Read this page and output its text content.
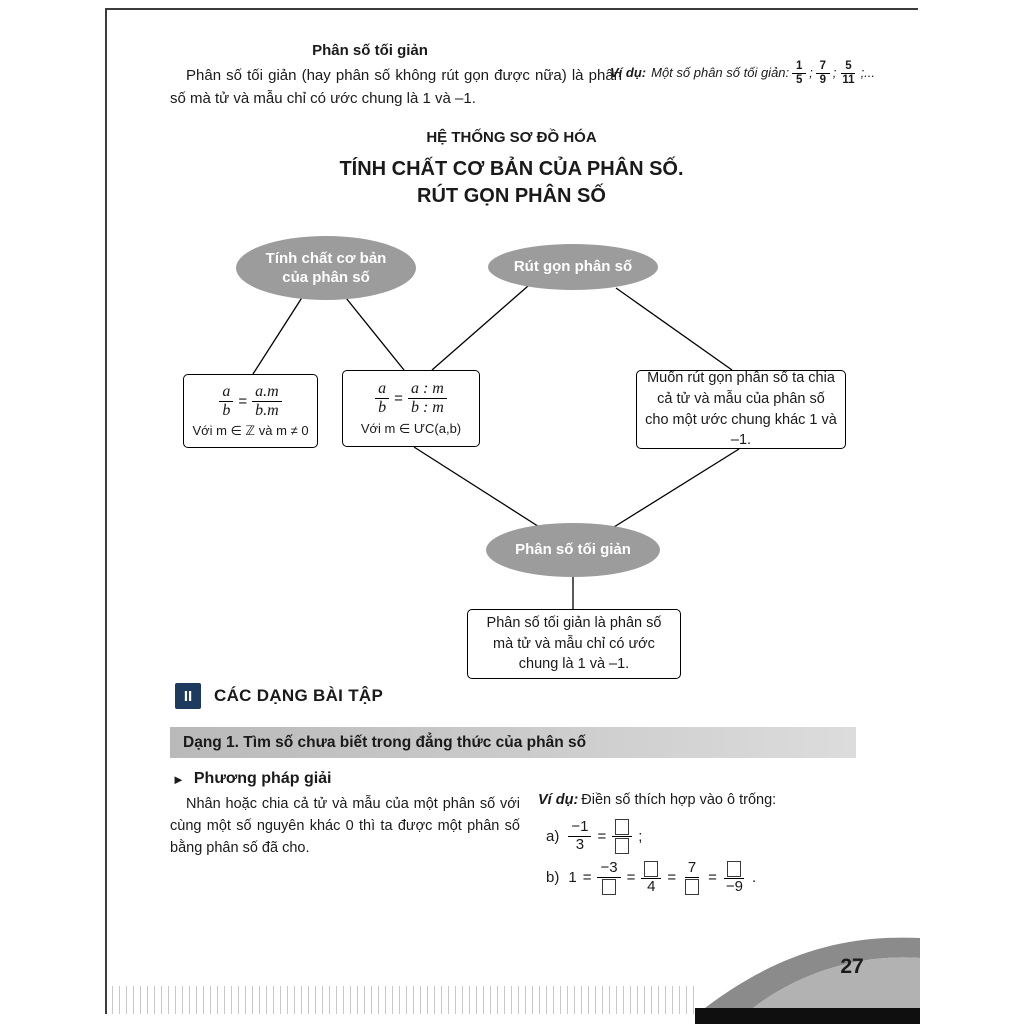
Phân số tối giản
Phân số tối giản (hay phân số không rút gọn được nữa) là phân số mà tử và mẫu chỉ có ước chung là 1 và –1.
Ví dụ: Một số phân số tối giản: $\frac{1}{5}$ ; $\frac{7}{9}$ ; $\frac{5}{11}$ ;...
HỆ THỐNG SƠ ĐỒ HÓA
TÍNH CHẤT CƠ BẢN CỦA PHÂN SỐ.
RÚT GỌN PHÂN SỐ
Tính chất cơ bản
của phân số
Rút gọn phân số
$\frac{a}{b} = \frac{a.m}{b.m}$
Với m ∈ ℤ và m ≠ 0
$\frac{a}{b} = \frac{a : m}{b : m}$
Với m ∈ ƯC(a,b)
Muốn rút gọn phân số ta chia cả tử và mẫu của phân số cho một ước chung khác 1 và –1.
Phân số tối giản
Phân số tối giản là phân số mà tử và mẫu chỉ có ước chung là 1 và –1.
II	CÁC DẠNG BÀI TẬP
Dạng 1. Tìm số chưa biết trong đẳng thức của phân số
► Phương pháp giải
Nhân hoặc chia cả tử và mẫu của một phân số với cùng một số nguyên khác 0 thì ta được một phân số bằng phân số đã cho.
Ví dụ: Điền số thích hợp vào ô trống:
$a) \frac{-1}{3}$ = ;
b) 1 =
−3
=
4
=
7
=
−9
.
27
